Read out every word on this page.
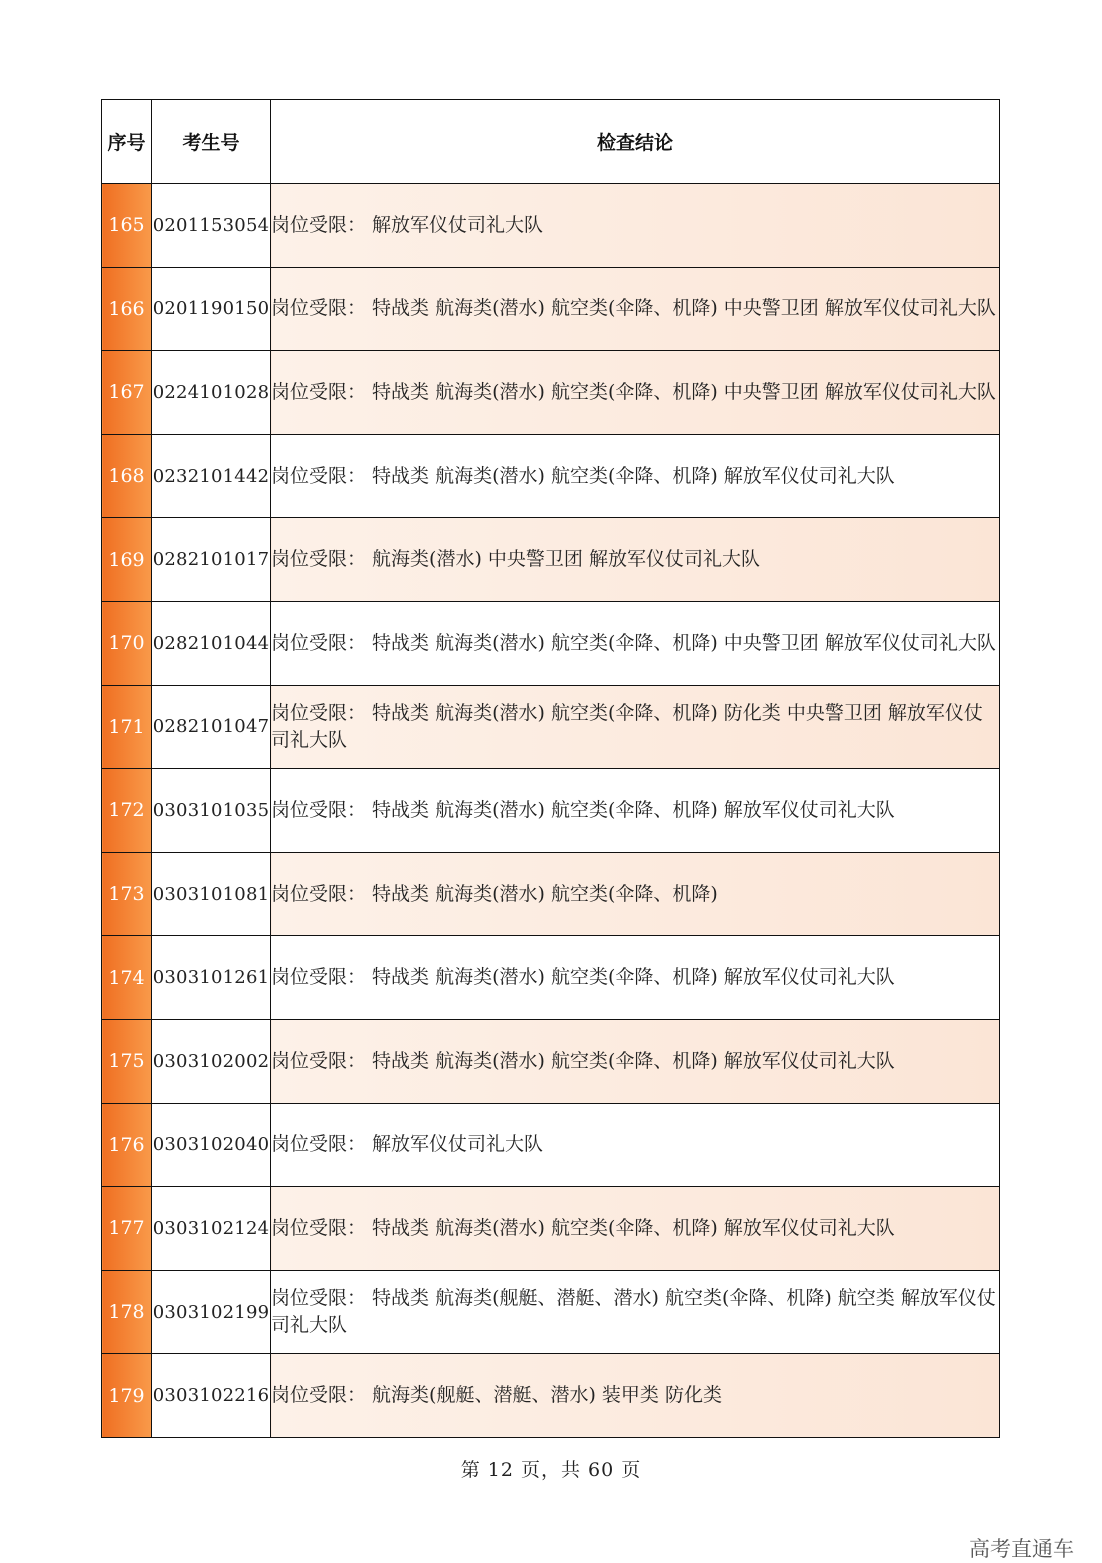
序号	考生号	检查结论
165	0201153054	岗位受限： 解放军仪仗司礼大队
166	0201190150	岗位受限： 特战类 航海类(潜水) 航空类(伞降、机降) 中央警卫团 解放军仪仗司礼大队
167	0224101028	岗位受限： 特战类 航海类(潜水) 航空类(伞降、机降) 中央警卫团 解放军仪仗司礼大队
168	0232101442	岗位受限： 特战类 航海类(潜水) 航空类(伞降、机降) 解放军仪仗司礼大队
169	0282101017	岗位受限： 航海类(潜水) 中央警卫团 解放军仪仗司礼大队
170	0282101044	岗位受限： 特战类 航海类(潜水) 航空类(伞降、机降) 中央警卫团 解放军仪仗司礼大队
171	0282101047	岗位受限： 特战类 航海类(潜水) 航空类(伞降、机降) 防化类 中央警卫团 解放军仪仗司礼大队
172	0303101035	岗位受限： 特战类 航海类(潜水) 航空类(伞降、机降) 解放军仪仗司礼大队
173	0303101081	岗位受限： 特战类 航海类(潜水) 航空类(伞降、机降)
174	0303101261	岗位受限： 特战类 航海类(潜水) 航空类(伞降、机降) 解放军仪仗司礼大队
175	0303102002	岗位受限： 特战类 航海类(潜水) 航空类(伞降、机降) 解放军仪仗司礼大队
176	0303102040	岗位受限： 解放军仪仗司礼大队
177	0303102124	岗位受限： 特战类 航海类(潜水) 航空类(伞降、机降) 解放军仪仗司礼大队
178	0303102199	岗位受限： 特战类 航海类(舰艇、潜艇、潜水) 航空类(伞降、机降) 航空类 解放军仪仗司礼大队
179	0303102216	岗位受限： 航海类(舰艇、潜艇、潜水) 装甲类 防化类
第 12 页，共 60 页
高考直通车
